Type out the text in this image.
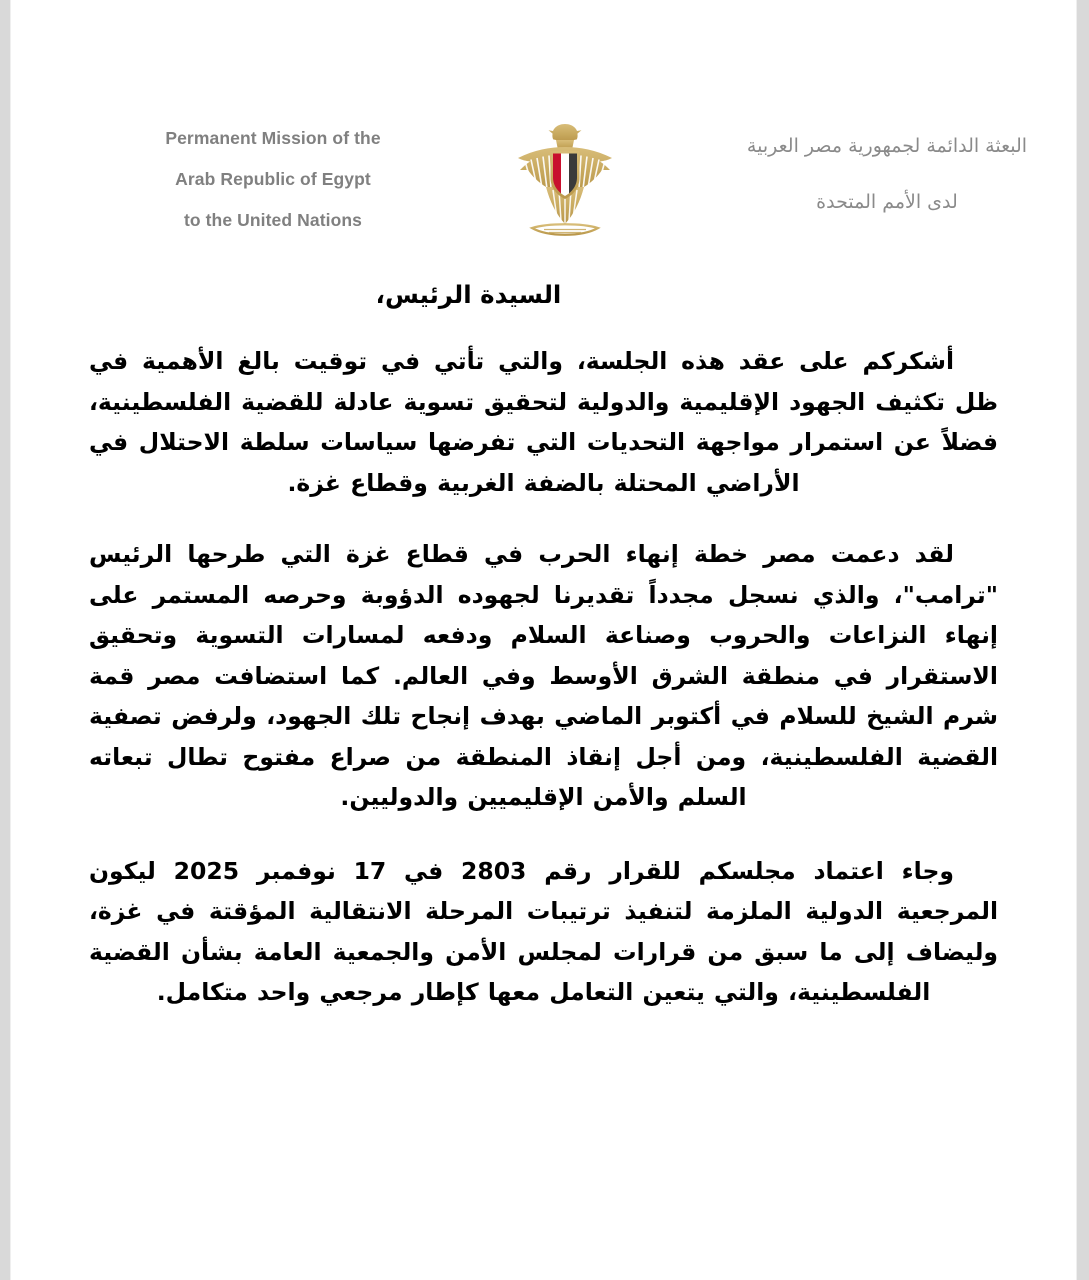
Permanent Mission of the
Arab Republic of Egypt
to the United Nations
البعثة الدائمة لجمهورية مصر العربية
لدى الأمم المتحدة

السيدة الرئيس،

أشكركم على عقد هذه الجلسة، والتي تأتي في توقيت بالغ الأهمية في ظل تكثيف الجهود الإقليمية والدولية لتحقيق تسوية عادلة للقضية الفلسطينية، فضلاً عن استمرار مواجهة التحديات التي تفرضها سياسات سلطة الاحتلال في الأراضي المحتلة بالضفة الغربية وقطاع غزة.

لقد دعمت مصر خطة إنهاء الحرب في قطاع غزة التي طرحها الرئيس "ترامب"، والذي نسجل مجدداً تقديرنا لجهوده الدؤوبة وحرصه المستمر على إنهاء النزاعات والحروب وصناعة السلام ودفعه لمسارات التسوية وتحقيق الاستقرار في منطقة الشرق الأوسط وفي العالم. كما استضافت مصر قمة شرم الشيخ للسلام في أكتوبر الماضي بهدف إنجاح تلك الجهود، ولرفض تصفية القضية الفلسطينية، ومن أجل إنقاذ المنطقة من صراع مفتوح تطال تبعاته السلم والأمن الإقليميين والدوليين.

وجاء اعتماد مجلسكم للقرار رقم 2803 في 17 نوفمبر 2025 ليكون المرجعية الدولية الملزمة لتنفيذ ترتيبات المرحلة الانتقالية المؤقتة في غزة، وليضاف إلى ما سبق من قرارات لمجلس الأمن والجمعية العامة بشأن القضية الفلسطينية، والتي يتعين التعامل معها كإطار مرجعي واحد متكامل.
